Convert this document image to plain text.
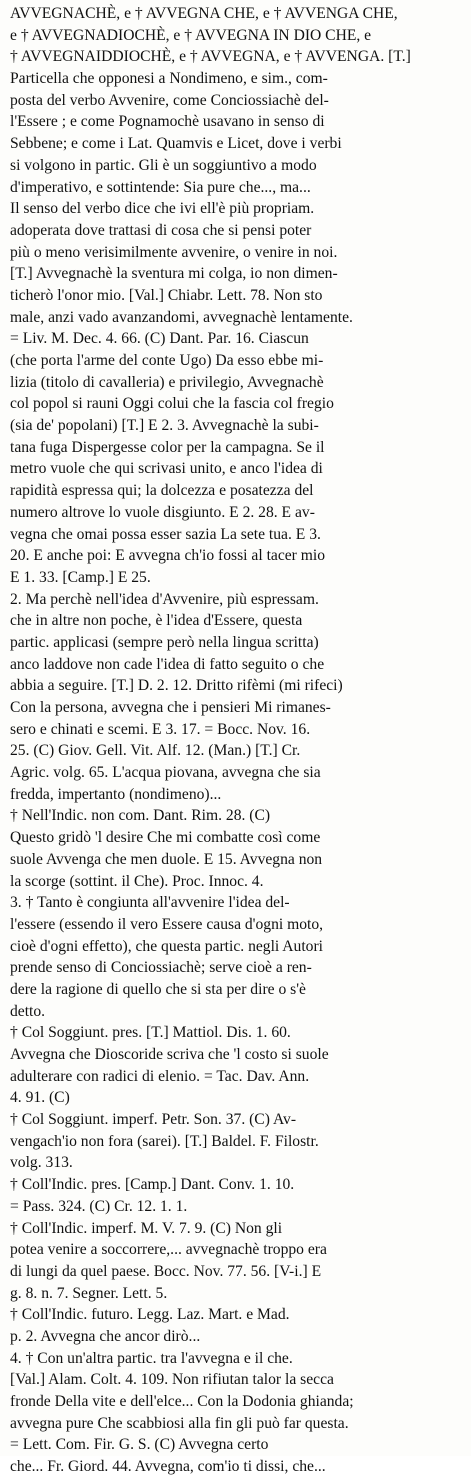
AVVEGNACHÈ, e † AVVEGNA CHE, e † AVVENGA CHE,
e † AVVEGNADIOCHÈ, e † AVVEGNA IN DIO CHE, e
† AVVEGNAIDDIOCHÈ, e † AVVEGNA, e † AVVENGA. [T.]
Particella che opponesi a Nondimeno, e sim., com-
posta del verbo Avvenire, come Conciossiachè del-
l'Essere ; e come Pognamochè usavano in senso di
Sebbene; e come i Lat. Quamvis e Licet, dove i verbi
si volgono in partic. Gli è un soggiuntivo a modo
d'imperativo, e sottintende: Sia pure che..., ma...
Il senso del verbo dice che ivi ell'è più propriam.
adoperata dove trattasi di cosa che si pensi poter
più o meno verisimilmente avvenire, o venire in noi.
[T.] Avvegnachè la sventura mi colga, io non dimen-
ticherò l'onor mio. [Val.] Chiabr. Lett. 78. Non sto
male, anzi vado avanzandomi, avvegnachè lentamente.
= Liv. M. Dec. 4. 66. (C) Dant. Par. 16. Ciascun
(che porta l'arme del conte Ugo) Da esso ebbe mi-
lizia (titolo di cavalleria) e privilegio, Avvegnachè
col popol si rauni Oggi colui che la fascia col fregio
(sia de' popolani) [T.] E 2. 3. Avvegnachè la subi-
tana fuga Dispergesse color per la campagna. Se il
metro vuole che qui scrivasi unito, e anco l'idea di
rapidità espressa qui; la dolcezza e posatezza del
numero altrove lo vuole disgiunto. E 2. 28. E av-
vegna che omai possa esser sazia La sete tua. E 3.
20. E anche poi: E avvegna ch'io fossi al tacer mio
E 1. 33. [Camp.] E 25.
2. Ma perchè nell'idea d'Avvenire, più espressam.
che in altre non poche, è l'idea d'Essere, questa
partic. applicasi (sempre però nella lingua scritta)
anco laddove non cade l'idea di fatto seguito o che
abbia a seguire. [T.] D. 2. 12. Dritto rifèmi (mi rifeci)
Con la persona, avvegna che i pensieri Mi rimanes-
sero e chinati e scemi. E 3. 17. = Bocc. Nov. 16.
25. (C) Giov. Gell. Vit. Alf. 12. (Man.) [T.] Cr.
Agric. volg. 65. L'acqua piovana, avvegna che sia
fredda, impertanto (nondimeno)...
† Nell'Indic. non com. Dant. Rim. 28. (C)
Questo gridò 'l desire Che mi combatte così come
suole Avvenga che men duole. E 15. Avvegna non
la scorge (sottint. il Che). Proc. Innoc. 4.
3. † Tanto è congiunta all'avvenire l'idea del-
l'essere (essendo il vero Essere causa d'ogni moto,
cioè d'ogni effetto), che questa partic. negli Autori
prende senso di Conciossiachè; serve cioè a ren-
dere la ragione di quello che si sta per dire o s'è
detto.
† Col Soggiunt. pres. [T.] Mattiol. Dis. 1. 60.
Avvegna che Dioscoride scriva che 'l costo si suole
adulterare con radici di elenio. = Tac. Dav. Ann.
4. 91. (C)
† Col Soggiunt. imperf. Petr. Son. 37. (C) Av-
vengach'io non fora (sarei). [T.] Baldel. F. Filostr.
volg. 313.
† Coll'Indic. pres. [Camp.] Dant. Conv. 1. 10.
= Pass. 324. (C) Cr. 12. 1. 1.
† Coll'Indic. imperf. M. V. 7. 9. (C) Non gli
potea venire a soccorrere,... avvegnachè troppo era
di lungi da quel paese. Bocc. Nov. 77. 56. [V-i.] E
g. 8. n. 7. Segner. Lett. 5.
† Coll'Indic. futuro. Legg. Laz. Mart. e Mad.
p. 2. Avvegna che ancor dirò...
4. † Con un'altra partic. tra l'avvegna e il che.
[Val.] Alam. Colt. 4. 109. Non rifiutan talor la secca
fronde Della vite e dell'elce... Con la Dodonia ghianda;
avvegna pure Che scabbiosi alla fin gli può far questa.
= Lett. Com. Fir. G. S. (C) Avvegna certo
che... Fr. Giord. 44. Avvegna, com'io ti dissi, che...
